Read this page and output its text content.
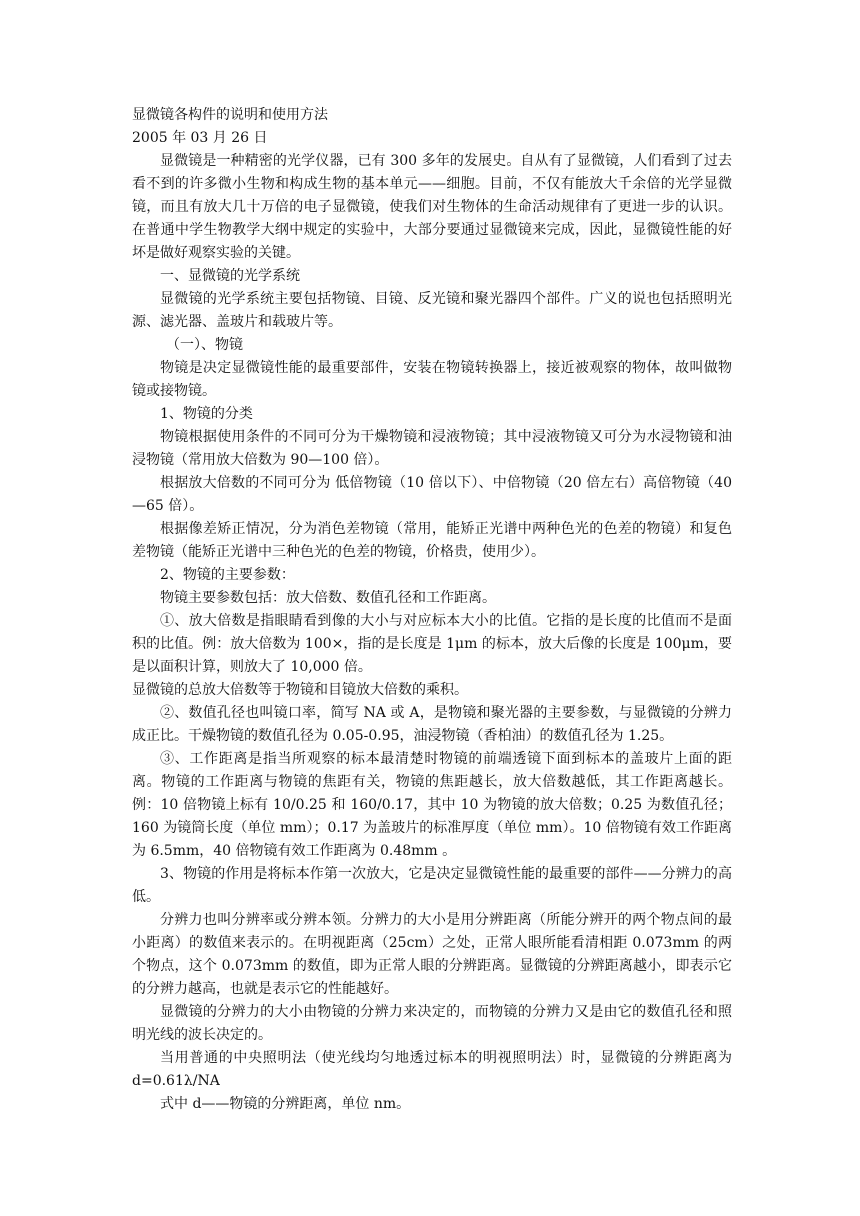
显微镜各构件的说明和使用方法

2005 年 03 月 26 日

显微镜是一种精密的光学仪器，已有 300 多年的发展史。自从有了显微镜，人们看到了过去看不到的许多微小生物和构成生物的基本单元——细胞。目前，不仅有能放大千余倍的光学显微镜，而且有放大几十万倍的电子显微镜，使我们对生物体的生命活动规律有了更进一步的认识。在普通中学生物教学大纲中规定的实验中，大部分要通过显微镜来完成，因此，显微镜性能的好坏是做好观察实验的关键。

一、显微镜的光学系统

显微镜的光学系统主要包括物镜、目镜、反光镜和聚光器四个部件。广义的说也包括照明光源、滤光器、盖玻片和载玻片等。

（一）、物镜

物镜是决定显微镜性能的最重要部件，安装在物镜转换器上，接近被观察的物体，故叫做物镜或接物镜。

1、物镜的分类

物镜根据使用条件的不同可分为干燥物镜和浸液物镜；其中浸液物镜又可分为水浸物镜和油浸物镜（常用放大倍数为 90—100 倍）。

根据放大倍数的不同可分为 低倍物镜（10 倍以下）、中倍物镜（20 倍左右）高倍物镜（40—65 倍）。

根据像差矫正情况，分为消色差物镜（常用，能矫正光谱中两种色光的色差的物镜）和复色差物镜（能矫正光谱中三种色光的色差的物镜，价格贵，使用少）。

2、物镜的主要参数：

物镜主要参数包括：放大倍数、数值孔径和工作距离。

①、放大倍数是指眼睛看到像的大小与对应标本大小的比值。它指的是长度的比值而不是面积的比值。例：放大倍数为 100×，指的是长度是 1μm 的标本，放大后像的长度是 100μm，要是以面积计算，则放大了 10,000 倍。

显微镜的总放大倍数等于物镜和目镜放大倍数的乘积。

②、数值孔径也叫镜口率，简写 NA 或 A，是物镜和聚光器的主要参数，与显微镜的分辨力成正比。干燥物镜的数值孔径为 0.05-0.95，油浸物镜（香柏油）的数值孔径为 1.25。

③、工作距离是指当所观察的标本最清楚时物镜的前端透镜下面到标本的盖玻片上面的距离。物镜的工作距离与物镜的焦距有关，物镜的焦距越长，放大倍数越低，其工作距离越长。例：10 倍物镜上标有 10/0.25 和 160/0.17，其中 10 为物镜的放大倍数；0.25 为数值孔径；160 为镜筒长度（单位 mm）；0.17 为盖玻片的标准厚度（单位 mm）。10 倍物镜有效工作距离为 6.5mm，40 倍物镜有效工作距离为 0.48mm 。

3、物镜的作用是将标本作第一次放大，它是决定显微镜性能的最重要的部件——分辨力的高低。

分辨力也叫分辨率或分辨本领。分辨力的大小是用分辨距离（所能分辨开的两个物点间的最小距离）的数值来表示的。在明视距离（25cm）之处，正常人眼所能看清相距 0.073mm 的两个物点，这个 0.073mm 的数值，即为正常人眼的分辨距离。显微镜的分辨距离越小，即表示它的分辨力越高，也就是表示它的性能越好。

显微镜的分辨力的大小由物镜的分辨力来决定的，而物镜的分辨力又是由它的数值孔径和照明光线的波长决定的。

当用普通的中央照明法（使光线均匀地透过标本的明视照明法）时，显微镜的分辨距离为 d=0.61λ/NA

式中 d——物镜的分辨距离，单位 nm。
